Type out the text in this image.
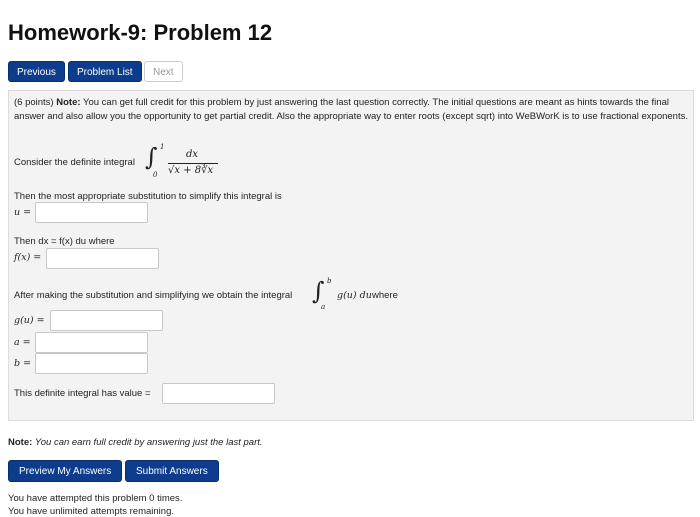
Homework-9: Problem 12
Previous	Problem List	Next
(6 points) Note: You can get full credit for this problem by just answering the last question correctly. The initial questions are meant as hints towards the final answer and also allow you the opportunity to get partial credit. Also the appropriate way to enter roots (except sqrt) into WeBWorK is to use fractional exponents.
Consider the definite integral ∫ 1
0
dx
√x + 8∛x
Then the most appropriate substitution to simplify this integral is
u =
Then dx = f(x) du where
f(x) =
After making the substitution and simplifying we obtain the integral ∫ b
a
g(u) du where
g(u) =
a =
b =
This definite integral has value =
Note: You can earn full credit by answering just the last part.
Preview My Answers	Submit Answers
You have attempted this problem 0 times.
You have unlimited attempts remaining.
